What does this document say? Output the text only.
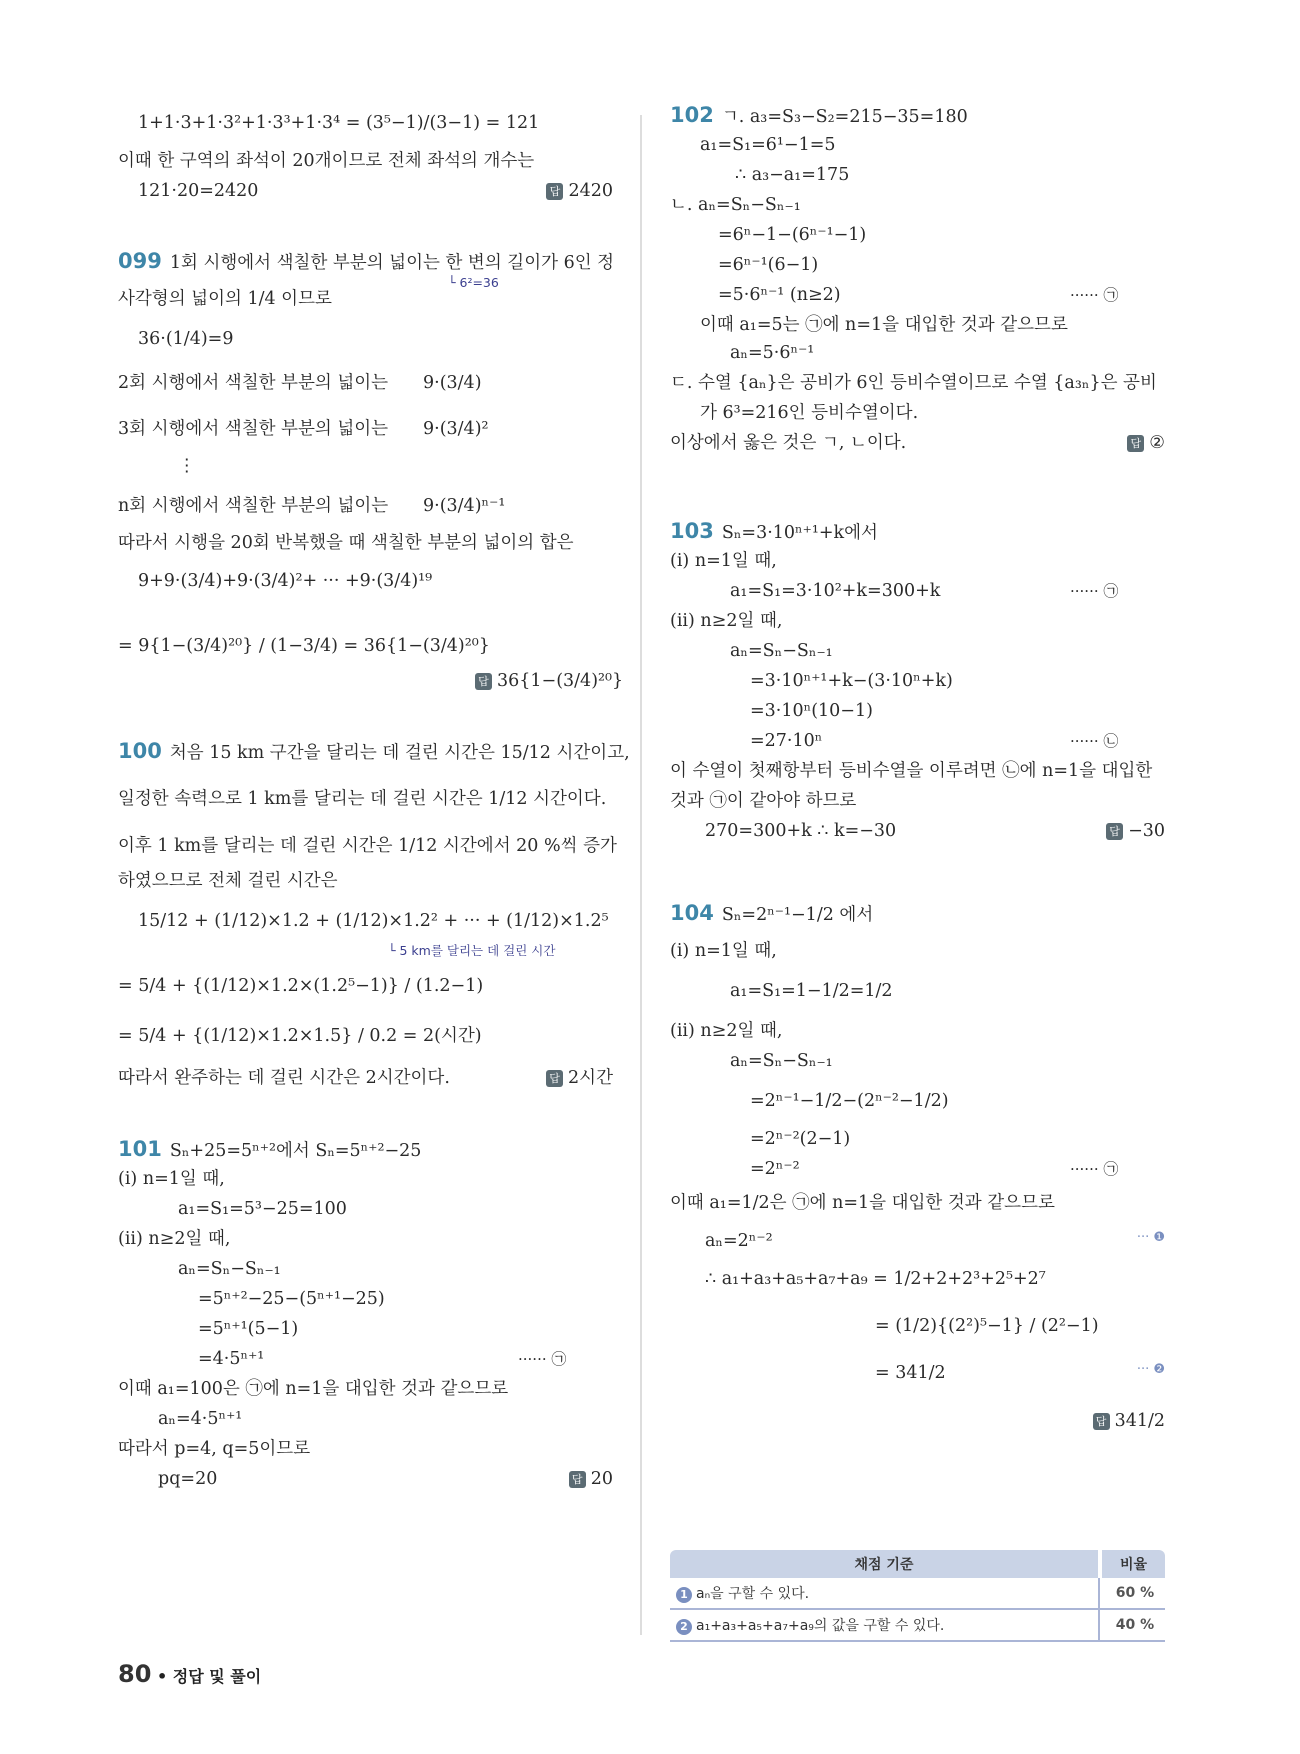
1+1·3+1·3²+1·3³+1·3⁴ = (3⁵−1)/(3−1) = 121
이때 한 구역의 좌석이 20개이므로 전체 좌석의 개수는
121·20=2420	답 2420
099 1회 시행에서 색칠한 부분의 넓이는 한 변의 길이가 6인 정
└ 6²=36
사각형의 넓이의 1/4 이므로
36·(1/4)=9
2회 시행에서 색칠한 부분의 넓이는 9·(3/4)
3회 시행에서 색칠한 부분의 넓이는 9·(3/4)²
⋮
n회 시행에서 색칠한 부분의 넓이는 9·(3/4)ⁿ⁻¹
따라서 시행을 20회 반복했을 때 색칠한 부분의 넓이의 합은
9+9·(3/4)+9·(3/4)²+ ··· +9·(3/4)¹⁹
= 9{1−(3/4)²⁰} / (1−3/4) = 36{1−(3/4)²⁰}
답 36{1−(3/4)²⁰}
100 처음 15 km 구간을 달리는 데 걸린 시간은 15/12 시간이고,
일정한 속력으로 1 km를 달리는 데 걸린 시간은 1/12 시간이다.
이후 1 km를 달리는 데 걸린 시간은 1/12 시간에서 20 %씩 증가
하였으므로 전체 걸린 시간은
15/12 + (1/12)×1.2 + (1/12)×1.2² + ··· + (1/12)×1.2⁵
└ 5 km를 달리는 데 걸린 시간
= 5/4 + {(1/12)×1.2×(1.2⁵−1)} / (1.2−1)
= 5/4 + {(1/12)×1.2×1.5} / 0.2 = 2(시간)
따라서 완주하는 데 걸린 시간은 2시간이다.	답 2시간
101 Sₙ+25=5ⁿ⁺²에서 Sₙ=5ⁿ⁺²−25
(i) n=1일 때,
a₁=S₁=5³−25=100
(ii) n≥2일 때,
aₙ=Sₙ−Sₙ₋₁
=5ⁿ⁺²−25−(5ⁿ⁺¹−25)
=5ⁿ⁺¹(5−1)
=4·5ⁿ⁺¹	······ ㉠
이때 a₁=100은 ㉠에 n=1을 대입한 것과 같으므로
aₙ=4·5ⁿ⁺¹
따라서 p=4, q=5이므로
pq=20	답 20
102 ㄱ. a₃=S₃−S₂=215−35=180
a₁=S₁=6¹−1=5
∴ a₃−a₁=175
ㄴ. aₙ=Sₙ−Sₙ₋₁
=6ⁿ−1−(6ⁿ⁻¹−1)
=6ⁿ⁻¹(6−1)
=5·6ⁿ⁻¹ (n≥2)	······ ㉠
이때 a₁=5는 ㉠에 n=1을 대입한 것과 같으므로
aₙ=5·6ⁿ⁻¹
ㄷ. 수열 {aₙ}은 공비가 6인 등비수열이므로 수열 {a₃ₙ}은 공비
가 6³=216인 등비수열이다.
이상에서 옳은 것은 ㄱ, ㄴ이다.	답 ②
103 Sₙ=3·10ⁿ⁺¹+k에서
(i) n=1일 때,
a₁=S₁=3·10²+k=300+k	······ ㉠
(ii) n≥2일 때,
aₙ=Sₙ−Sₙ₋₁
=3·10ⁿ⁺¹+k−(3·10ⁿ+k)
=3·10ⁿ(10−1)
=27·10ⁿ	······ ㉡
이 수열이 첫째항부터 등비수열을 이루려면 ㉡에 n=1을 대입한
것과 ㉠이 같아야 하므로
270=300+k ∴ k=−30	답 −30
104 Sₙ=2ⁿ⁻¹−1/2 에서
(i) n=1일 때,
a₁=S₁=1−1/2=1/2
(ii) n≥2일 때,
aₙ=Sₙ−Sₙ₋₁
=2ⁿ⁻¹−1/2−(2ⁿ⁻²−1/2)
=2ⁿ⁻²(2−1)
=2ⁿ⁻²	······ ㉠
이때 a₁=1/2은 ㉠에 n=1을 대입한 것과 같으므로
aₙ=2ⁿ⁻²	··· ❶
∴ a₁+a₃+a₅+a₇+a₉ = 1/2+2+2³+2⁵+2⁷
= (1/2){(2²)⁵−1} / (2²−1)
= 341/2	··· ❷
답 341/2
채점 기준	비율
1 aₙ을 구할 수 있다.	60 %
2 a₁+a₃+a₅+a₇+a₉의 값을 구할 수 있다.	40 %
80 • 정답 및 풀이
